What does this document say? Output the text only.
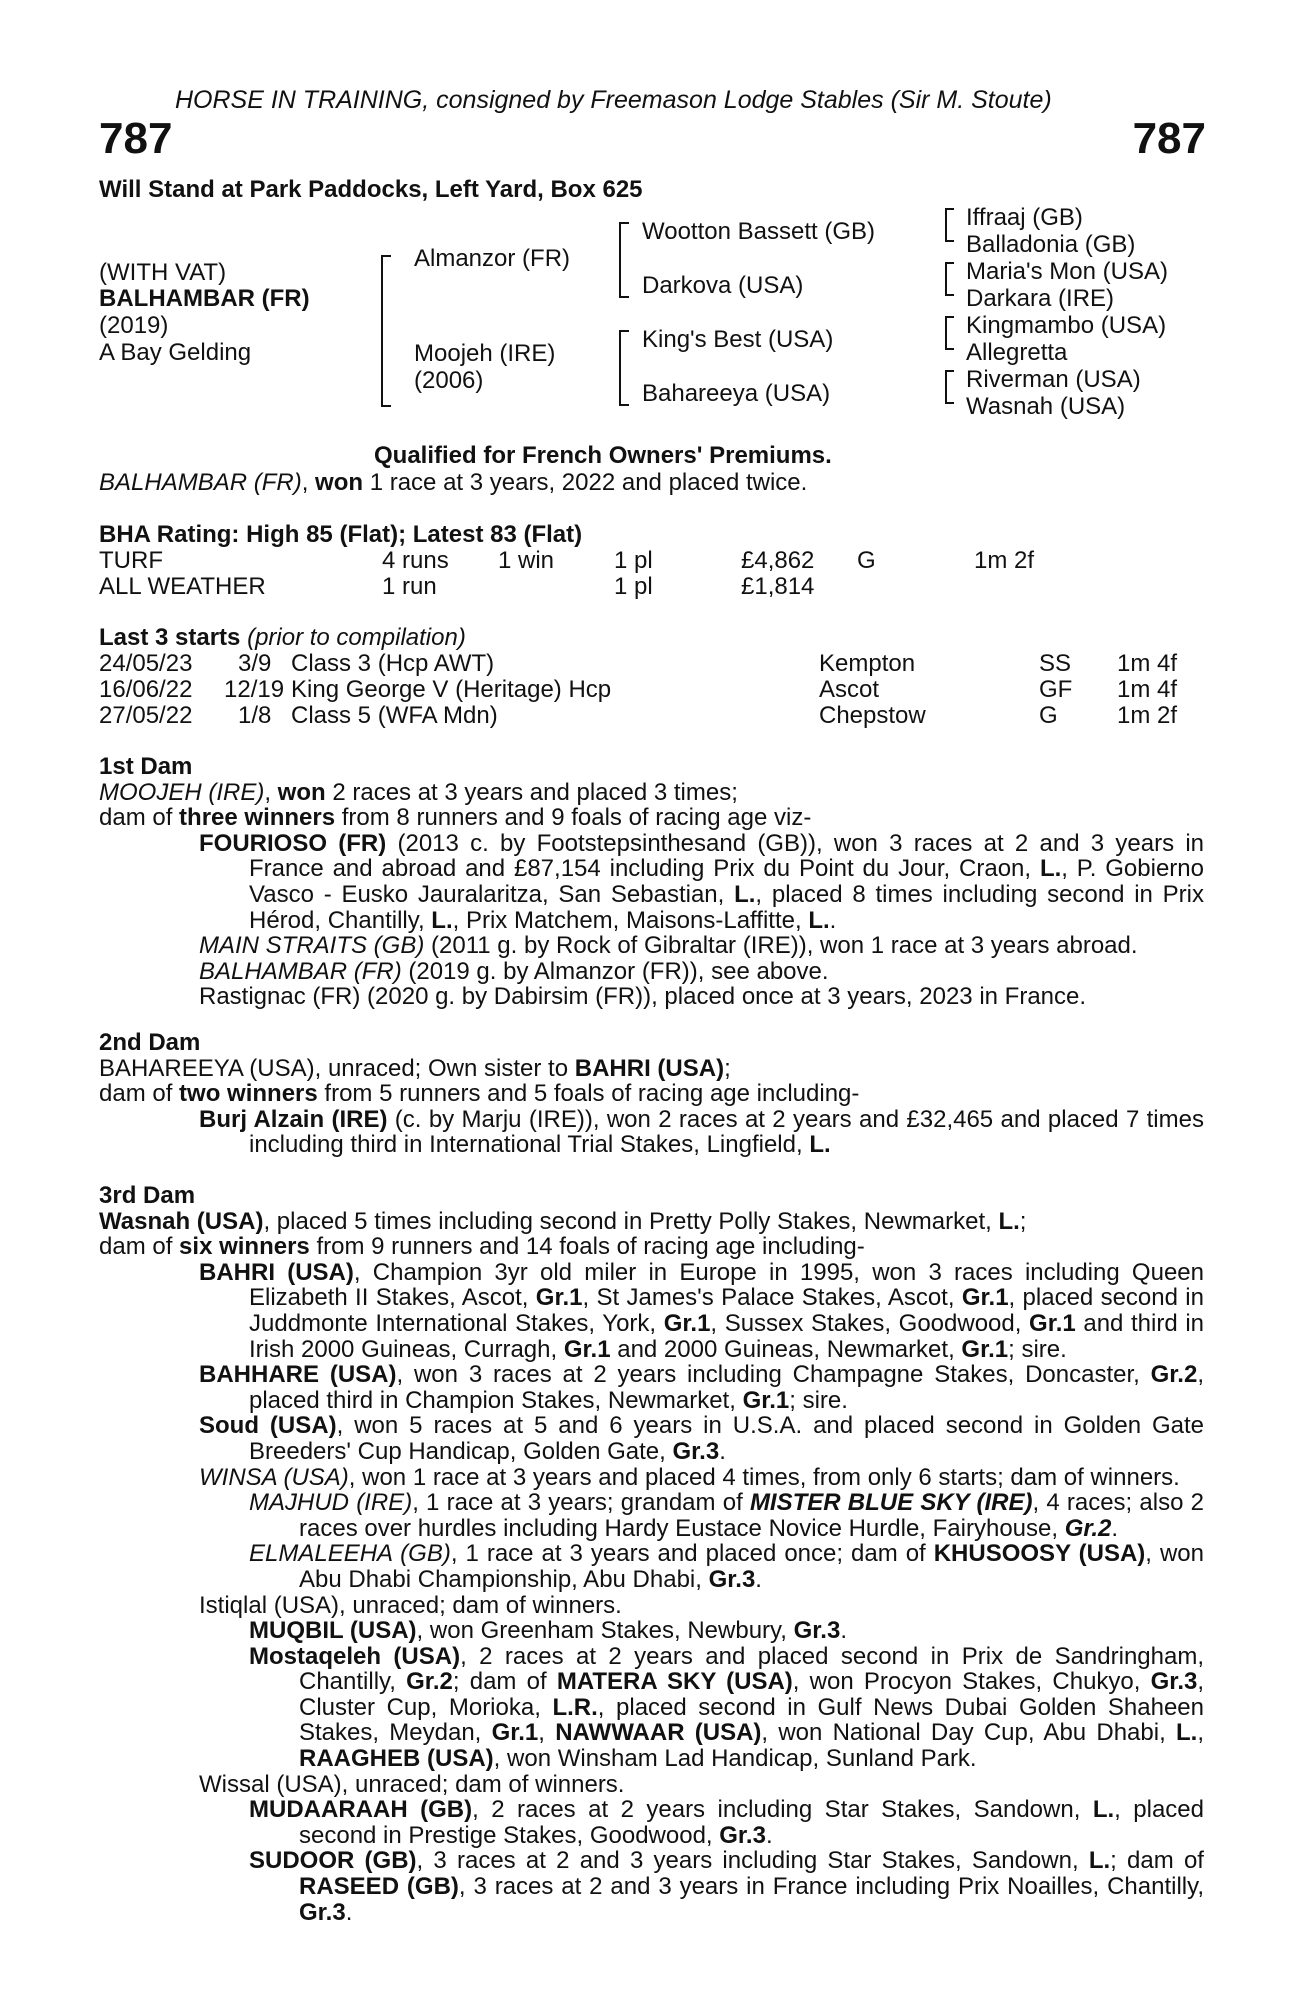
HORSE IN TRAINING, consigned by Freemason Lodge Stables (Sir M. Stoute)
787	787
Will Stand at Park Paddocks, Left Yard, Box 625
(WITH VAT)
BALHAMBAR (FR)
(2019)
A Bay Gelding
Almanzor (FR)
Moojeh (IRE)
(2006)
Wootton Bassett (GB)
Darkova (USA)
King's Best (USA)
Bahareeya (USA)
Iffraaj (GB)
Balladonia (GB)
Maria's Mon (USA)
Darkara (IRE)
Kingmambo (USA)
Allegretta
Riverman (USA)
Wasnah (USA)
Qualified for French Owners' Premiums.
BALHAMBAR (FR), won 1 race at 3 years, 2022 and placed twice.
BHA Rating: High 85 (Flat); Latest 83 (Flat)
TURF	4 runs 1 win 1 pl	£4,862 G	1m 2f
ALL WEATHER	1 run	1 pl	£1,814
Last 3 starts (prior to compilation)
24/05/23 3/9 Class 3 (Hcp AWT)	Kempton	SS 1m 4f
16/06/22 12/19 King George V (Heritage) Hcp	Ascot	GF 1m 4f
27/05/22 1/8 Class 5 (WFA Mdn)	Chepstow	G 1m 2f

1st Dam

MOOJEH (IRE), won 2 races at 3 years and placed 3 times;

dam of three winners from 8 runners and 9 foals of racing age viz-

FOURIOSO (FR) (2013 c. by Footstepsinthesand (GB)), won 3 races at 2 and 3 years in France and abroad and £87,154 including Prix du Point du Jour, Craon, L., P. Gobierno Vasco - Eusko Jauralaritza, San Sebastian, L., placed 8 times including second in Prix Hérod, Chantilly, L., Prix Matchem, Maisons-Laffitte, L..

MAIN STRAITS (GB) (2011 g. by Rock of Gibraltar (IRE)), won 1 race at 3 years abroad.

BALHAMBAR (FR) (2019 g. by Almanzor (FR)), see above.

Rastignac (FR) (2020 g. by Dabirsim (FR)), placed once at 3 years, 2023 in France.

2nd Dam

BAHAREEYA (USA), unraced; Own sister to BAHRI (USA);

dam of two winners from 5 runners and 5 foals of racing age including-

Burj Alzain (IRE) (c. by Marju (IRE)), won 2 races at 2 years and £32,465 and placed 7 times including third in International Trial Stakes, Lingfield, L.

3rd Dam

Wasnah (USA), placed 5 times including second in Pretty Polly Stakes, Newmarket, L.;

dam of six winners from 9 runners and 14 foals of racing age including-

BAHRI (USA), Champion 3yr old miler in Europe in 1995, won 3 races including Queen Elizabeth II Stakes, Ascot, Gr.1, St James's Palace Stakes, Ascot, Gr.1, placed second in Juddmonte International Stakes, York, Gr.1, Sussex Stakes, Goodwood, Gr.1 and third in Irish 2000 Guineas, Curragh, Gr.1 and 2000 Guineas, Newmarket, Gr.1; sire.

BAHHARE (USA), won 3 races at 2 years including Champagne Stakes, Doncaster, Gr.2, placed third in Champion Stakes, Newmarket, Gr.1; sire.

Soud (USA), won 5 races at 5 and 6 years in U.S.A. and placed second in Golden Gate Breeders' Cup Handicap, Golden Gate, Gr.3.

WINSA (USA), won 1 race at 3 years and placed 4 times, from only 6 starts; dam of winners.

MAJHUD (IRE), 1 race at 3 years; grandam of MISTER BLUE SKY (IRE), 4 races; also 2 races over hurdles including Hardy Eustace Novice Hurdle, Fairyhouse, Gr.2.

ELMALEEHA (GB), 1 race at 3 years and placed once; dam of KHUSOOSY (USA), won Abu Dhabi Championship, Abu Dhabi, Gr.3.

Istiqlal (USA), unraced; dam of winners.

MUQBIL (USA), won Greenham Stakes, Newbury, Gr.3.

Mostaqeleh (USA), 2 races at 2 years and placed second in Prix de Sandringham, Chantilly, Gr.2; dam of MATERA SKY (USA), won Procyon Stakes, Chukyo, Gr.3, Cluster Cup, Morioka, L.R., placed second in Gulf News Dubai Golden Shaheen Stakes, Meydan, Gr.1, NAWWAAR (USA), won National Day Cup, Abu Dhabi, L., RAAGHEB (USA), won Winsham Lad Handicap, Sunland Park.

Wissal (USA), unraced; dam of winners.

MUDAARAAH (GB), 2 races at 2 years including Star Stakes, Sandown, L., placed second in Prestige Stakes, Goodwood, Gr.3.

SUDOOR (GB), 3 races at 2 and 3 years including Star Stakes, Sandown, L.; dam of RASEED (GB), 3 races at 2 and 3 years in France including Prix Noailles, Chantilly, Gr.3.
